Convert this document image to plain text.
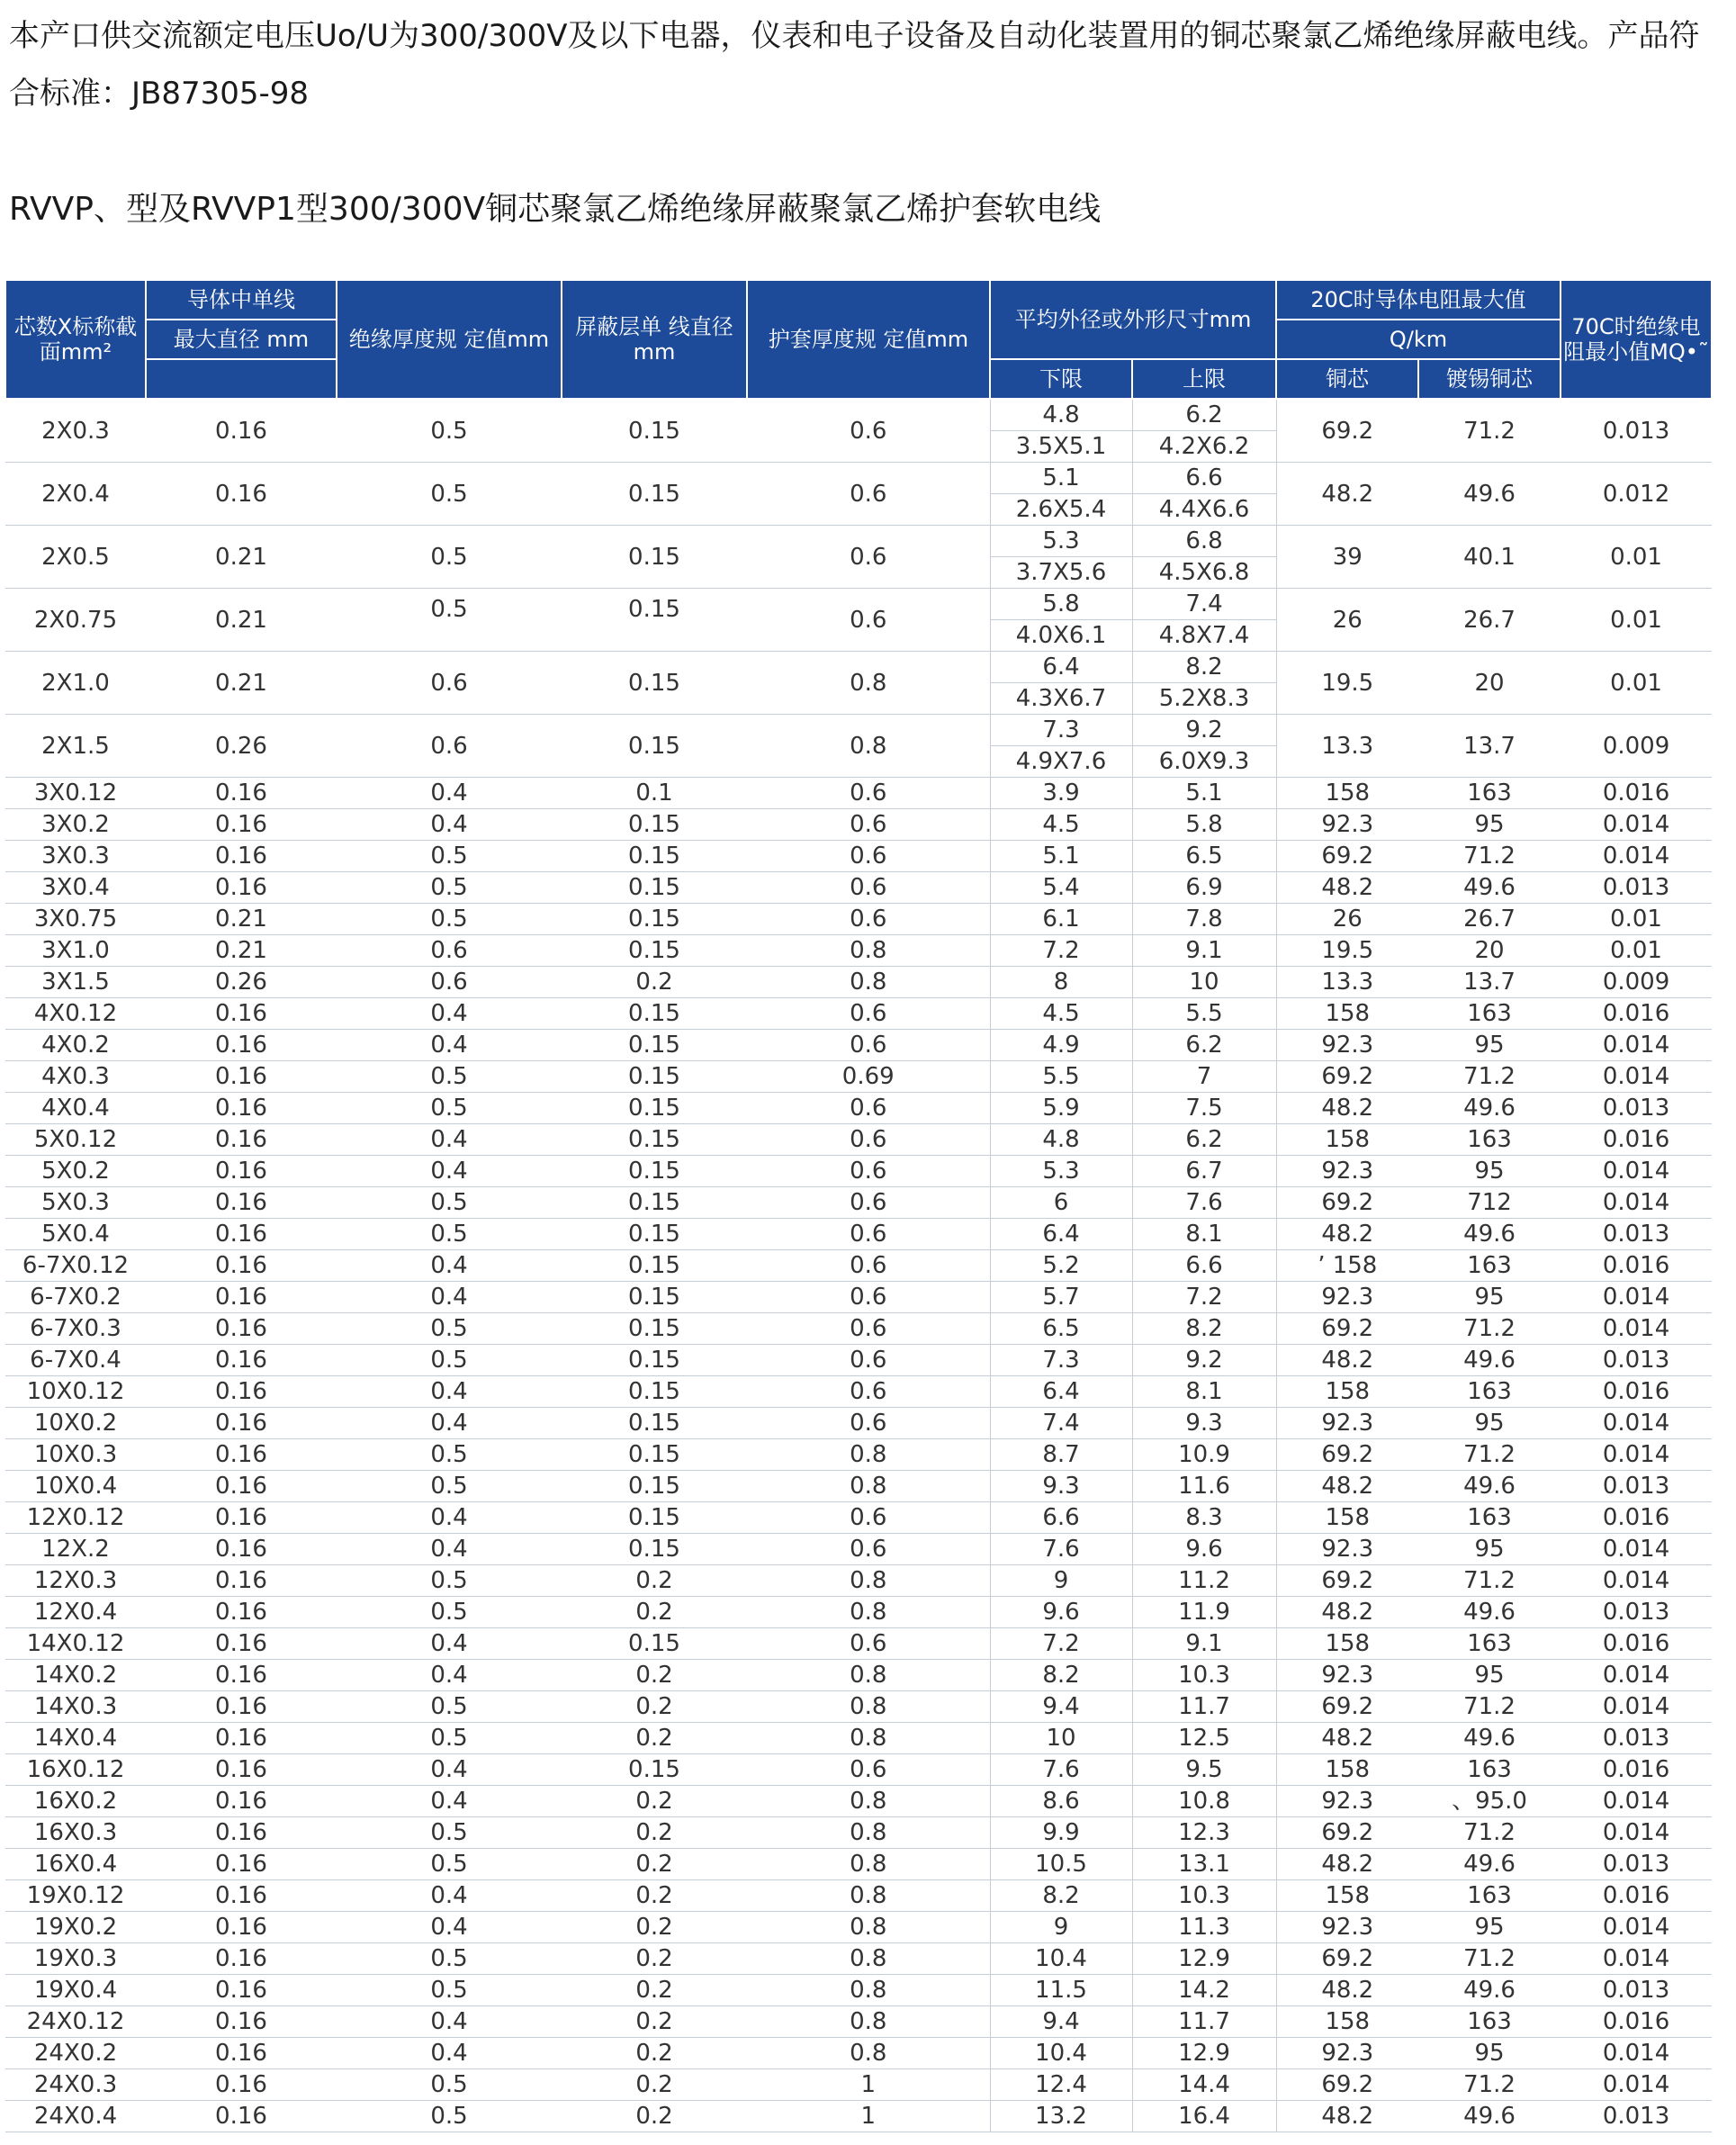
本产口供交流额定电压Uo/U为300/300V及以下电器，仪表和电子设备及自动化装置用的铜芯聚氯乙烯绝缘屏蔽电线。产品符合标准：JB87305-98

RVVP、型及RVVP1型300/300V铜芯聚氯乙烯绝缘屏蔽聚氯乙烯护套软电线
芯数X标称截面mm²	导体中单线	绝缘厚度规 定值mm	屏蔽层单 线直径mm	护套厚度规 定值mm	平均外径或外形尺寸mm		20C时导体电阻最大值		70C时绝缘电阻最小值MQ•˜
	最大直径 mm						Q/km		
					下限	上限	铜芯	镀锡铜芯	
2X0.3	0.16	0.5	0.15	0.6	4.8	6.2	69.2	71.2	0.013
					3.5X5.1	4.2X6.2			
2X0.4	0.16	0.5	0.15	0.6	5.1	6.6	48.2	49.6	0.012
					2.6X5.4	4.4X6.6			
2X0.5	0.21	0.5	0.15	0.6	5.3	6.8	39	40.1	0.01
					3.7X5.6	4.5X6.8			
2X0.75	0.21	0.5	0.15	0.6	5.8	7.4	26	26.7	0.01
					4.0X6.1	4.8X7.4			
2X1.0	0.21	0.6	0.15	0.8	6.4	8.2	19.5	20	0.01
					4.3X6.7	5.2X8.3			
2X1.5	0.26	0.6	0.15	0.8	7.3	9.2	13.3	13.7	0.009
					4.9X7.6	6.0X9.3			
3X0.12	0.16	0.4	0.1	0.6	3.9	5.1	158	163	0.016
3X0.2	0.16	0.4	0.15	0.6	4.5	5.8	92.3	95	0.014
3X0.3	0.16	0.5	0.15	0.6	5.1	6.5	69.2	71.2	0.014
3X0.4	0.16	0.5	0.15	0.6	5.4	6.9	48.2	49.6	0.013
3X0.75	0.21	0.5	0.15	0.6	6.1	7.8	26	26.7	0.01
3X1.0	0.21	0.6	0.15	0.8	7.2	9.1	19.5	20	0.01
3X1.5	0.26	0.6	0.2	0.8	8	10	13.3	13.7	0.009
4X0.12	0.16	0.4	0.15	0.6	4.5	5.5	158	163	0.016
4X0.2	0.16	0.4	0.15	0.6	4.9	6.2	92.3	95	0.014
4X0.3	0.16	0.5	0.15	0.69	5.5	7	69.2	71.2	0.014
4X0.4	0.16	0.5	0.15	0.6	5.9	7.5	48.2	49.6	0.013
5X0.12	0.16	0.4	0.15	0.6	4.8	6.2	158	163	0.016
5X0.2	0.16	0.4	0.15	0.6	5.3	6.7	92.3	95	0.014
5X0.3	0.16	0.5	0.15	0.6	6	7.6	69.2	712	0.014
5X0.4	0.16	0.5	0.15	0.6	6.4	8.1	48.2	49.6	0.013
6-7X0.12	0.16	0.4	0.15	0.6	5.2	6.6	’ 158	163	0.016
6-7X0.2	0.16	0.4	0.15	0.6	5.7	7.2	92.3	95	0.014
6-7X0.3	0.16	0.5	0.15	0.6	6.5	8.2	69.2	71.2	0.014
6-7X0.4	0.16	0.5	0.15	0.6	7.3	9.2	48.2	49.6	0.013
10X0.12	0.16	0.4	0.15	0.6	6.4	8.1	158	163	0.016
10X0.2	0.16	0.4	0.15	0.6	7.4	9.3	92.3	95	0.014
10X0.3	0.16	0.5	0.15	0.8	8.7	10.9	69.2	71.2	0.014
10X0.4	0.16	0.5	0.15	0.8	9.3	11.6	48.2	49.6	0.013
12X0.12	0.16	0.4	0.15	0.6	6.6	8.3	158	163	0.016
12X.2	0.16	0.4	0.15	0.6	7.6	9.6	92.3	95	0.014
12X0.3	0.16	0.5	0.2	0.8	9	11.2	69.2	71.2	0.014
12X0.4	0.16	0.5	0.2	0.8	9.6	11.9	48.2	49.6	0.013
14X0.12	0.16	0.4	0.15	0.6	7.2	9.1	158	163	0.016
14X0.2	0.16	0.4	0.2	0.8	8.2	10.3	92.3	95	0.014
14X0.3	0.16	0.5	0.2	0.8	9.4	11.7	69.2	71.2	0.014
14X0.4	0.16	0.5	0.2	0.8	10	12.5	48.2	49.6	0.013
16X0.12	0.16	0.4	0.15	0.6	7.6	9.5	158	163	0.016
16X0.2	0.16	0.4	0.2	0.8	8.6	10.8	92.3	、95.0	0.014
16X0.3	0.16	0.5	0.2	0.8	9.9	12.3	69.2	71.2	0.014
16X0.4	0.16	0.5	0.2	0.8	10.5	13.1	48.2	49.6	0.013
19X0.12	0.16	0.4	0.2	0.8	8.2	10.3	158	163	0.016
19X0.2	0.16	0.4	0.2	0.8	9	11.3	92.3	95	0.014
19X0.3	0.16	0.5	0.2	0.8	10.4	12.9	69.2	71.2	0.014
19X0.4	0.16	0.5	0.2	0.8	11.5	14.2	48.2	49.6	0.013
24X0.12	0.16	0.4	0.2	0.8	9.4	11.7	158	163	0.016
24X0.2	0.16	0.4	0.2	0.8	10.4	12.9	92.3	95	0.014
24X0.3	0.16	0.5	0.2	1	12.4	14.4	69.2	71.2	0.014
24X0.4	0.16	0.5	0.2	1	13.2	16.4	48.2	49.6	0.013
